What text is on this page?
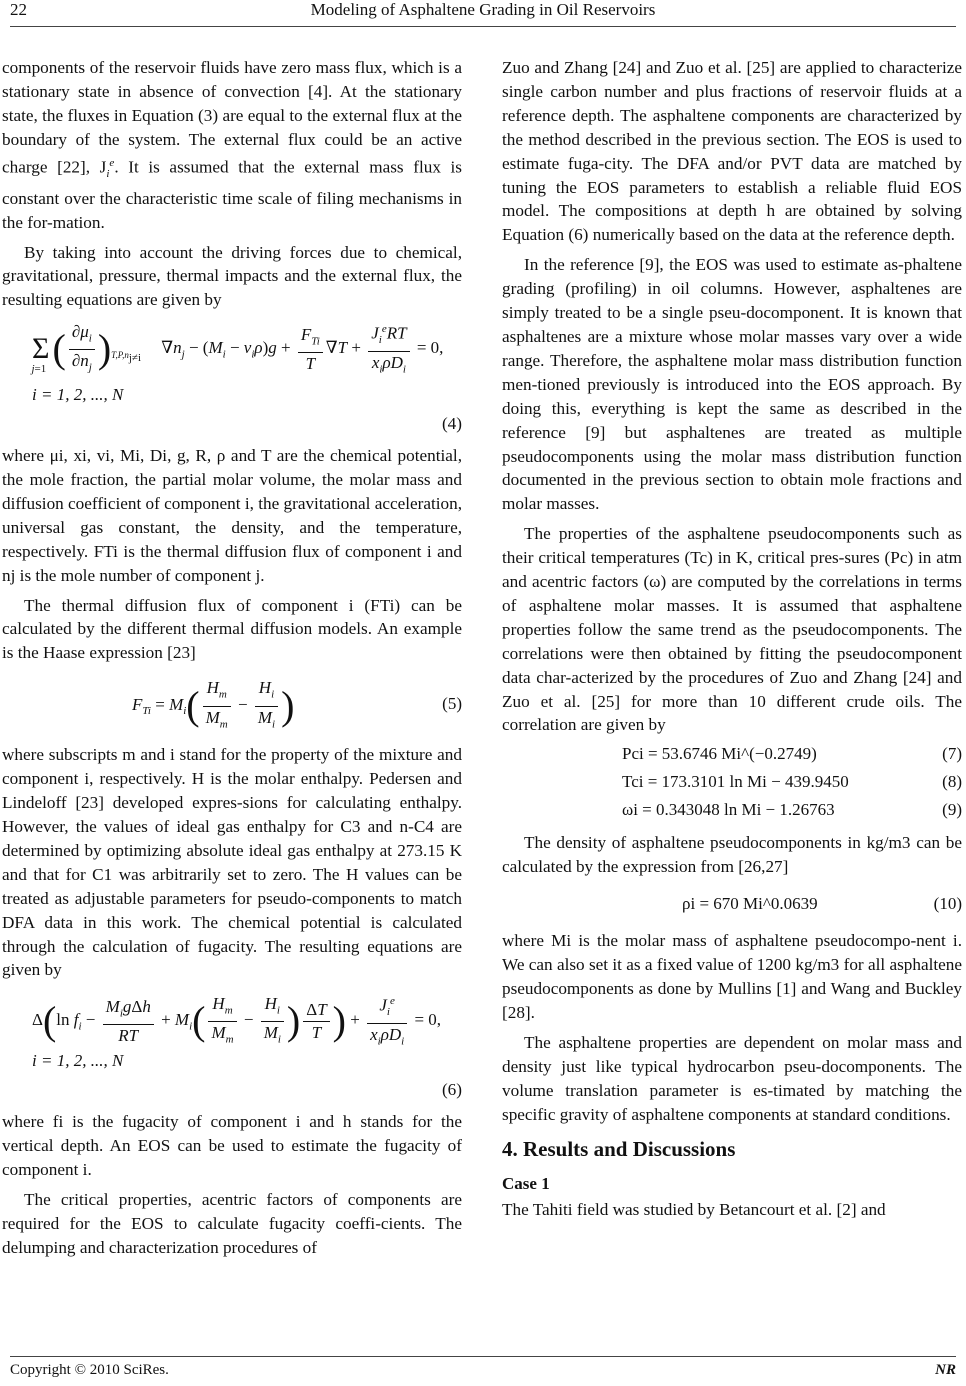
22	Modeling of Asphaltene Grading in Oil Reservoirs

components of the reservoir fluids have zero mass flux, which is a stationary state in absence of convection [4]. At the stationary state, the fluxes in Equation (3) are equal to the external flux at the boundary of the system. The external flux could be an active charge [22], $J_i^e$. It is assumed that the external mass flux is constant over the characteristic time scale of filing mechanisms in the for-mation.

By taking into account the driving forces due to chemical, gravitational, pressure, thermal impacts and the external flux, the resulting equations are given by

$\Sigma_{j=1}$ ( $\frac{\partial\mu_i}{\partial n_j} )_{T,P,n_{j\ne i}}$ $\nabla n_j - (M_i - v_i\rho)g + \frac{F_{Ti}}{T} \nabla T + \frac{J_i^eRT}{x_i\rho D_i} = 0$,
i = 1, 2, ..., N
(4)

where μi, xi, vi, Mi, Di, g, R, ρ and T are the chemical potential, the mole fraction, the partial molar volume, the molar mass and diffusion coefficient of component i, the gravitational acceleration, universal gas constant, the density, and the temperature, respectively. FTi is the thermal diffusion flux of component i and nj is the mole number of component j.

The thermal diffusion flux of component i (FTi) can be calculated by the different thermal diffusion models. An example is the Haase expression [23]

$F_{Ti} = M_i( \frac{H_m}{M_m} - \frac{H_i}{M_i}$ )	(5)

where subscripts m and i stand for the property of the mixture and component i, respectively. H is the molar enthalpy. Pedersen and Lindeloff [23] developed expres-sions for calculating enthalpy. However, the values of ideal gas enthalpy for C3 and n-C4 are determined by optimizing absolute ideal gas enthalpy at 273.15 K and that for C1 was arbitrarily set to zero. The H values can be treated as adjustable parameters for pseudo-components to match DFA data in this work. The chemical potential is calculated through the calculation of fugacity. The resulting equations are given by

Δ(ln $f_i - \frac{M_ig\Delta h}{RT} + M_i( \frac{H_m}{M_m} - \frac{H_i}{M_i}$ ) $\frac{\Delta T}{T}$ ) + $\frac{J_i^e}{x_i\rho D_i} = 0$,
i = 1, 2, ..., N
(6)

where fi is the fugacity of component i and h stands for the vertical depth. An EOS can be used to estimate the fugacity of component i.

The critical properties, acentric factors of components are required for the EOS to calculate fugacity coeffi-cients. The delumping and characterization procedures of

Zuo and Zhang [24] and Zuo et al. [25] are applied to characterize single carbon number and plus fractions of reservoir fluids at a reference depth. The asphaltene components are characterized by the method described in the previous section. The EOS is used to estimate fuga-city. The DFA and/or PVT data are matched by tuning the EOS parameters to establish a reliable fluid EOS model. The compositions at depth h are obtained by solving Equation (6) numerically based on the data at the reference depth.

In the reference [9], the EOS was used to estimate as-phaltene grading (profiling) in oil columns. However, asphaltenes are simply treated to be a single pseu-docomponent. It is known that asphaltenes are a mixture whose molar masses vary over a wide range. Therefore, the asphaltene molar mass distribution function men-tioned previously is introduced into the EOS approach. By doing this, everything is kept the same as described in the reference [9] but asphaltenes are treated as multiple pseudocomponents using the molar mass distribution function documented in the previous section to obtain mole fractions and molar masses.

The properties of the asphaltene pseudocomponents such as their critical temperatures (Tc) in K, critical pres-sures (Pc) in atm and acentric factors (ω) are computed by the correlations in terms of asphaltene molar masses. It is assumed that asphaltene properties follow the same trend as the pseudocomponents. The correlations were then obtained by fitting the pseudocomponent data char-acterized by the procedures of Zuo and Zhang [24] and Zuo et al. [25] for more than 10 different crude oils. The correlation are given by

Pci = 53.6746 Mi^(−0.2749)	(7)
Tci = 173.3101 ln Mi − 439.9450	(8)
ωi = 0.343048 ln Mi − 1.26763	(9)

The density of asphaltene pseudocomponents in kg/m3 can be calculated by the expression from [26,27]

ρi = 670 Mi^0.0639	(10)

where Mi is the molar mass of asphaltene pseudocompo-nent i. We can also set it as a fixed value of 1200 kg/m3 for all asphaltene pseudocomponents as done by Mullins [1] and Wang and Buckley [28].

The asphaltene properties are dependent on molar mass and density just like typical hydrocarbon pseu-docomponents. The volume translation parameter is es-timated by matching the specific gravity of asphaltene components at standard conditions.

4. Results and Discussions
Case 1

The Tahiti field was studied by Betancourt et al. [2] and

Copyright © 2010 SciRes.	NR
